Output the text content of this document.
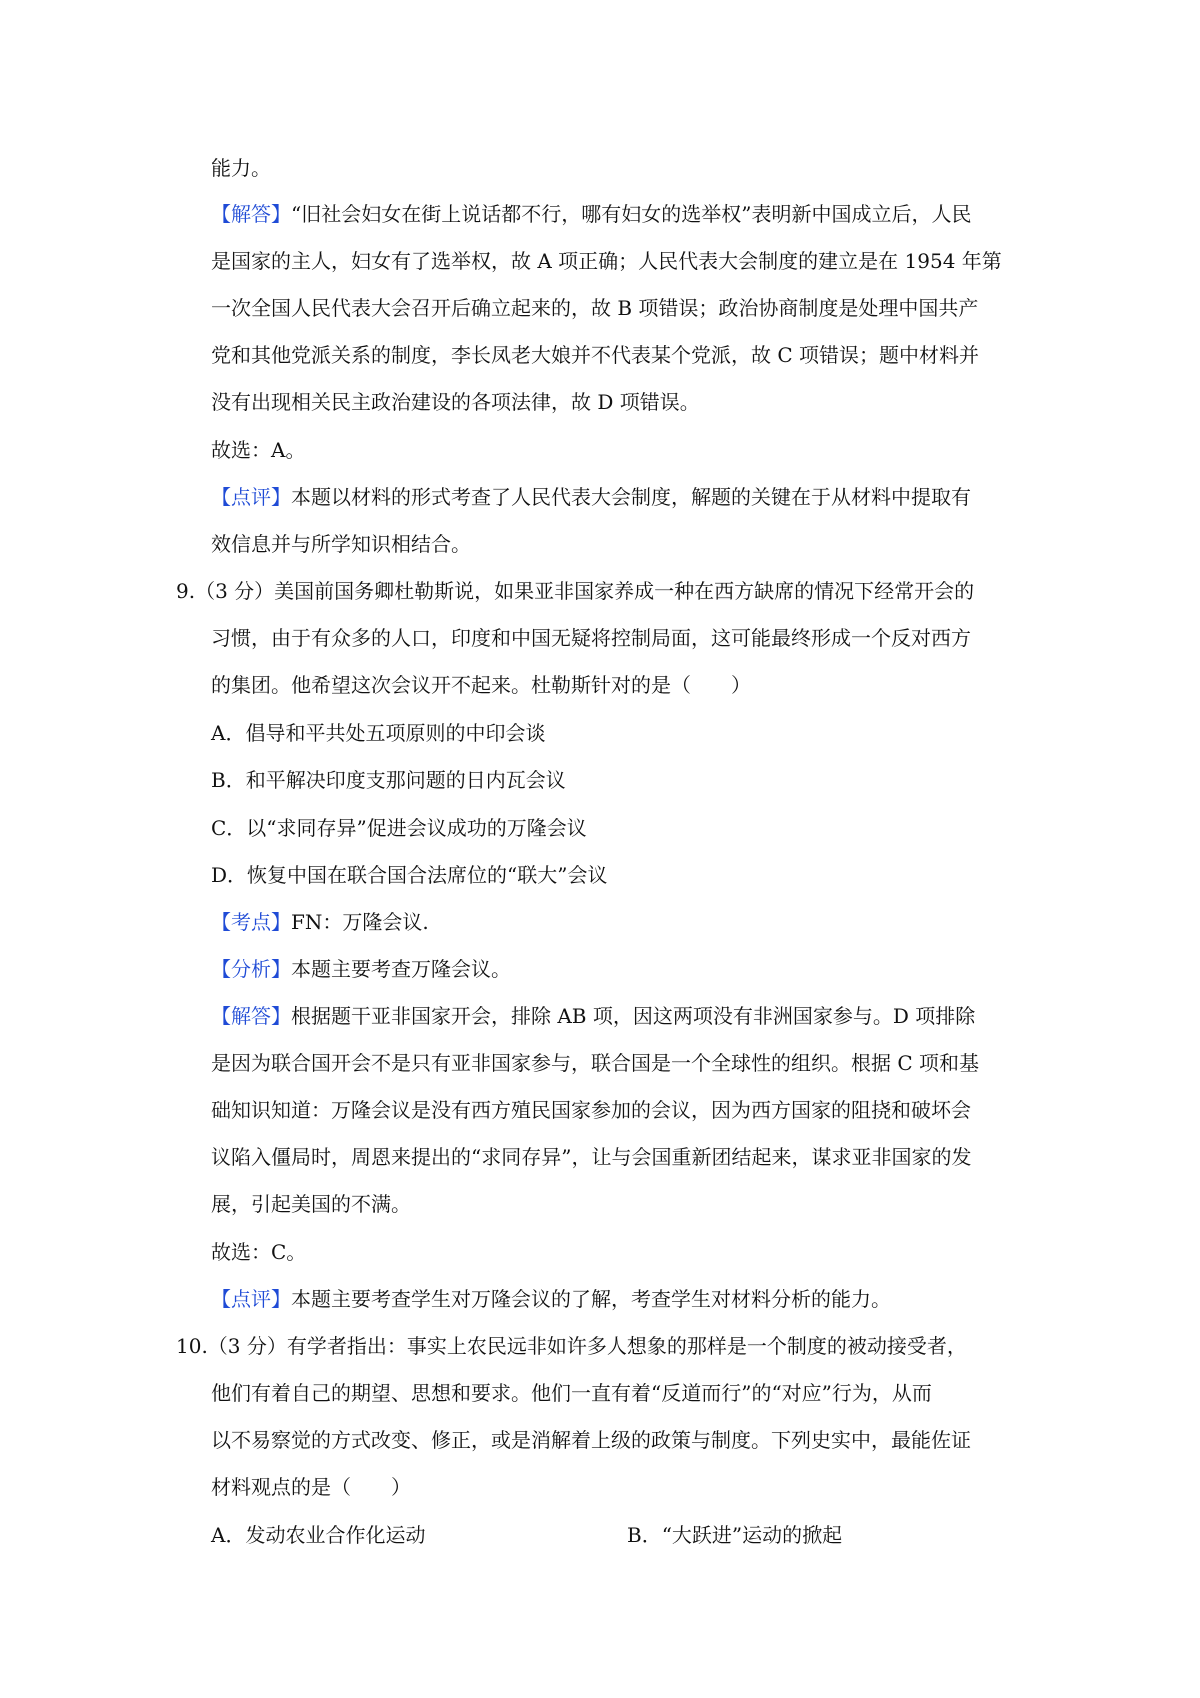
能力。
【解答】“旧社会妇女在街上说话都不行，哪有妇女的选举权”表明新中国成立后，人民
是国家的主人，妇女有了选举权，故 A 项正确；人民代表大会制度的建立是在 1954 年第
一次全国人民代表大会召开后确立起来的，故 B 项错误；政治协商制度是处理中国共产
党和其他党派关系的制度，李长凤老大娘并不代表某个党派，故 C 项错误；题中材料并
没有出现相关民主政治建设的各项法律，故 D 项错误。
故选：A。
【点评】本题以材料的形式考查了人民代表大会制度，解题的关键在于从材料中提取有
效信息并与所学知识相结合。
9.（3 分）美国前国务卿杜勒斯说，如果亚非国家养成一种在西方缺席的情况下经常开会的
习惯，由于有众多的人口，印度和中国无疑将控制局面，这可能最终形成一个反对西方
的集团。他希望这次会议开不起来。杜勒斯针对的是（　　）
A．倡导和平共处五项原则的中印会谈
B．和平解决印度支那问题的日内瓦会议
C．以“求同存异”促进会议成功的万隆会议
D．恢复中国在联合国合法席位的“联大”会议
【考点】FN：万隆会议.
【分析】本题主要考查万隆会议。
【解答】根据题干亚非国家开会，排除 AB 项，因这两项没有非洲国家参与。D 项排除
是因为联合国开会不是只有亚非国家参与，联合国是一个全球性的组织。根据 C 项和基
础知识知道：万隆会议是没有西方殖民国家参加的会议，因为西方国家的阻挠和破坏会
议陷入僵局时，周恩来提出的“求同存异”，让与会国重新团结起来，谋求亚非国家的发
展，引起美国的不满。
故选：C。
【点评】本题主要考查学生对万隆会议的了解，考查学生对材料分析的能力。
10.（3 分）有学者指出：事实上农民远非如许多人想象的那样是一个制度的被动接受者，
他们有着自己的期望、思想和要求。他们一直有着“反道而行”的“对应”行为，从而
以不易察觉的方式改变、修正，或是消解着上级的政策与制度。下列史实中，最能佐证
材料观点的是（　　）
A．发动农业合作化运动	B．“大跃进”运动的掀起
